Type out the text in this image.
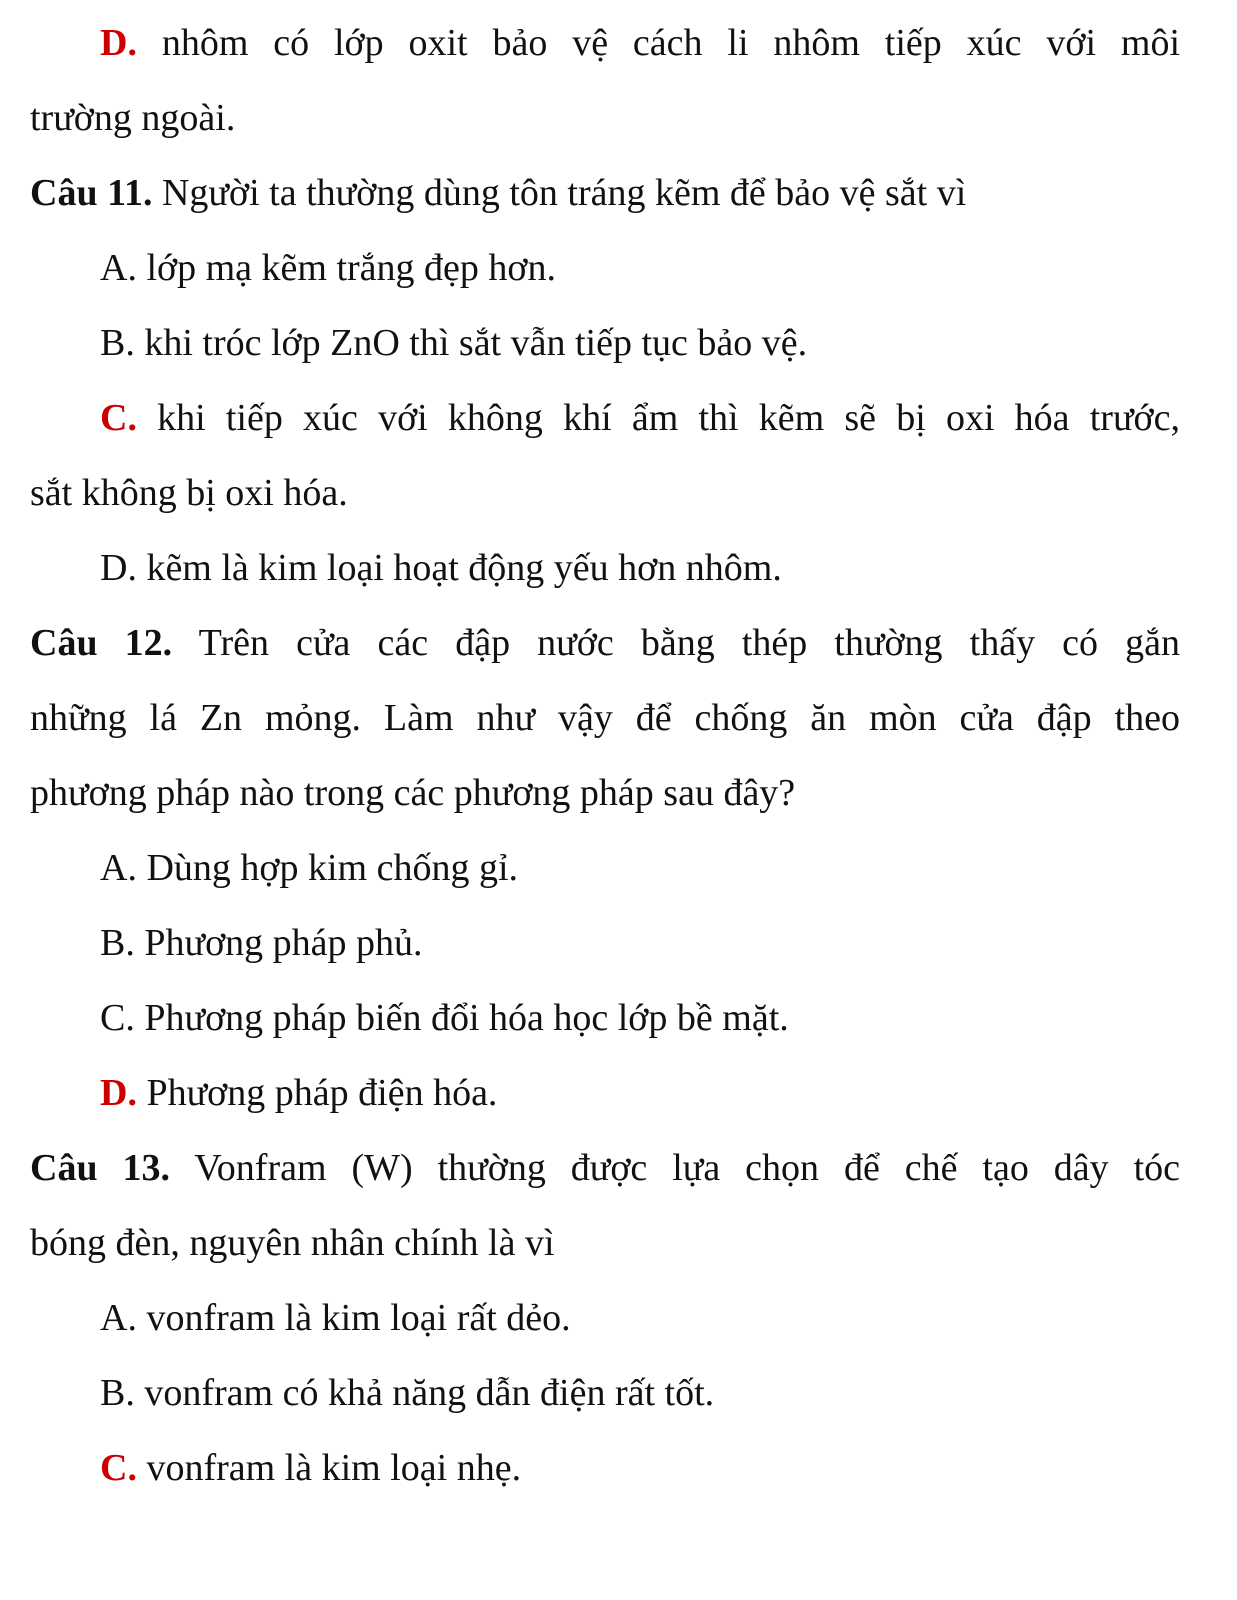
D. nhôm có lớp oxit bảo vệ cách li nhôm tiếp xúc với môi
trường ngoài.
Câu 11. Người ta thường dùng tôn tráng kẽm để bảo vệ sắt vì
A. lớp mạ kẽm trắng đẹp hơn.
B. khi tróc lớp ZnO thì sắt vẫn tiếp tục bảo vệ.
C. khi tiếp xúc với không khí ẩm thì kẽm sẽ bị oxi hóa trước,
sắt không bị oxi hóa.
D. kẽm là kim loại hoạt động yếu hơn nhôm.
Câu 12. Trên cửa các đập nước bằng thép thường thấy có gắn
những lá Zn mỏng. Làm như vậy để chống ăn mòn cửa đập theo
phương pháp nào trong các phương pháp sau đây?
A. Dùng hợp kim chống gỉ.
B. Phương pháp phủ.
C. Phương pháp biến đổi hóa học lớp bề mặt.
D. Phương pháp điện hóa.
Câu 13. Vonfram (W) thường được lựa chọn để chế tạo dây tóc
bóng đèn, nguyên nhân chính là vì
A. vonfram là kim loại rất dẻo.
B. vonfram có khả năng dẫn điện rất tốt.
C. vonfram là kim loại nhẹ.
